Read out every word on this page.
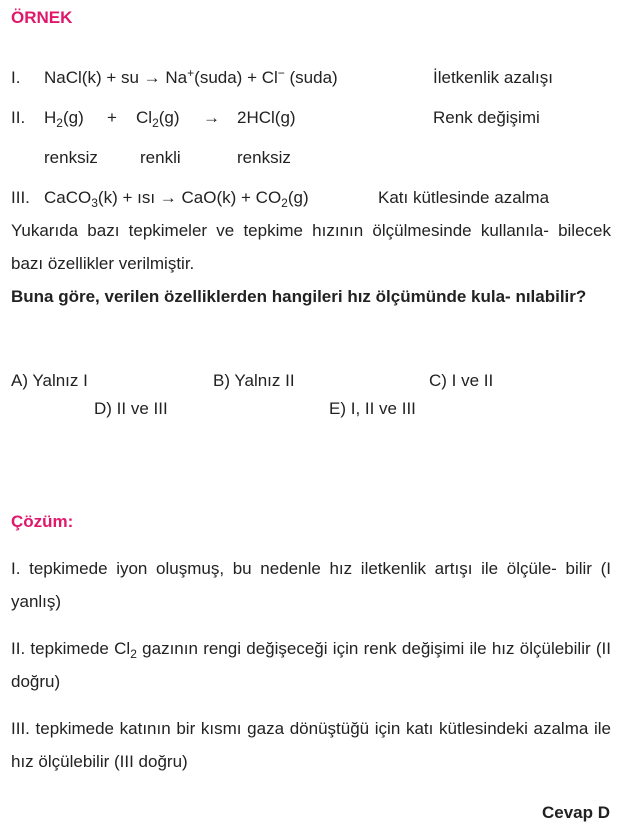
ÖRNEK
I. NaCl(k) + su → Na+(suda) + Cl− (suda)	İletkenlik azalışı
II. $H_2(g) + Cl_2(g) \to 2HCl(g)$	Renk değişimi
renksiz renkli	renksiz
III. CaCO$_3$(k) + ısı → $CaO(k) + CO_2(g)$	Katı kütlesinde azalma
Yukarıda bazı tepkimeler ve tepkime hızının ölçülmesinde kullanıla- bilecek bazı özellikler verilmiştir.
Buna göre, verilen özelliklerden hangileri hız ölçümünde kula- nılabilir?
A) Yalnız I	B) Yalnız II	C) I ve II
D) II ve III	E) I, II ve III
Çözüm:
I. tepkimede iyon oluşmuş, bu nedenle hız iletkenlik artışı ile ölçüle- bilir (I yanlış)
II. tepkimede $Cl_2$ gazının rengi değişeceği için renk değişimi ile hız ölçülebilir (II doğru)
III. tepkimede katının bir kısmı gaza dönüştüğü için katı kütlesindeki azalma ile hız ölçülebilir (III doğru)
Cevap D
